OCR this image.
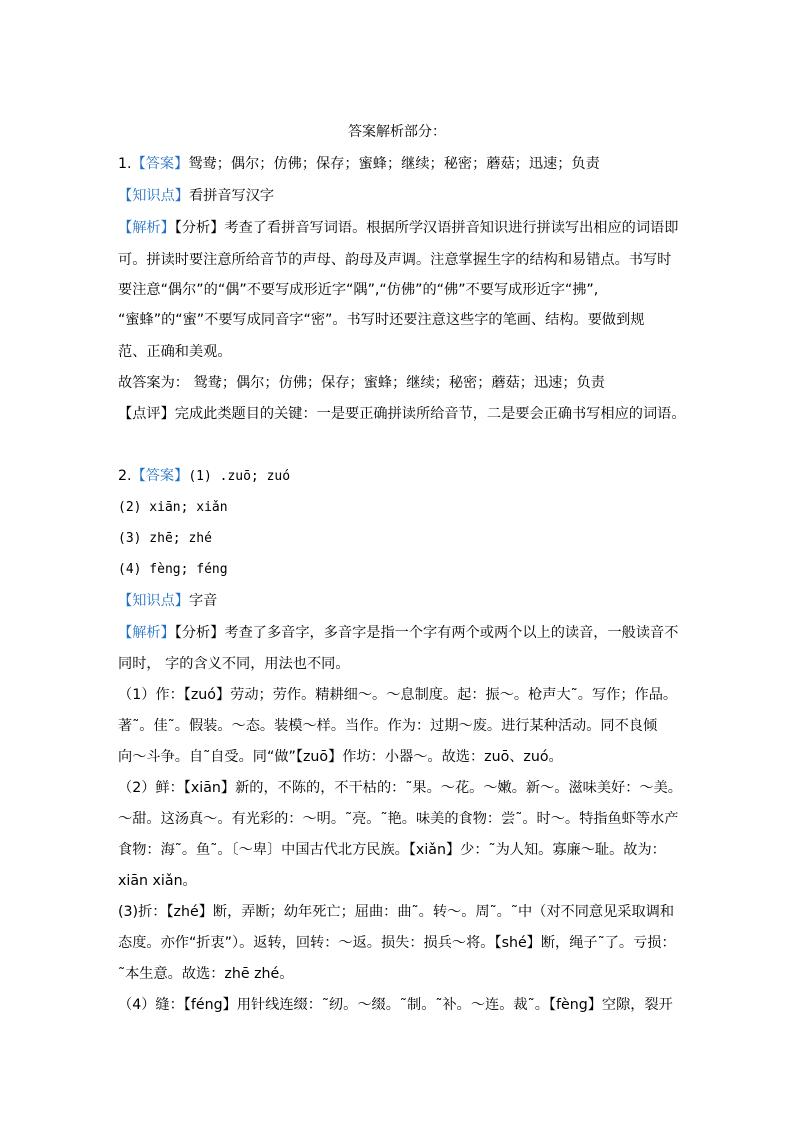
答案解析部分：
1.【答案】鸳鸯；偶尔；仿佛；保存；蜜蜂；继续；秘密；蘑菇；迅速；负责
【知识点】看拼音写汉字
【解析】【分析】考查了看拼音写词语。根据所学汉语拼音知识进行拼读写出相应的词语即
可。拼读时要注意所给音节的声母、韵母及声调。注意掌握生字的结构和易错点。书写时
要注意“偶尔”的“偶”不要写成形近字“隅”,“仿佛”的“佛”不要写成形近字“拂”,
“蜜蜂”的“蜜”不要写成同音字“密”。书写时还要注意这些字的笔画、结构。要做到规
范、正确和美观。
故答案为： 鸳鸯；偶尔；仿佛；保存；蜜蜂；继续；秘密；蘑菇；迅速；负责
【点评】完成此类题目的关键：一是要正确拼读所给音节，二是要会正确书写相应的词语。
2.【答案】(1) .zuō; zuó
(2) xiān; xiǎn
(3) zhē; zhé
(4) fèng; féng
【知识点】字音
【解析】【分析】考查了多音字，多音字是指一个字有两个或两个以上的读音，一般读音不
同时， 字的含义不同，用法也不同。
（1）作：【zuó】劳动；劳作。精耕细～。～息制度。起：振～。枪声大˜。写作；作品。
著˜。佳˜。假装。～态。装模～样。当作。作为：过期～废。进行某种活动。同不良倾
向～斗争。自˜自受。同“做”【zuō】作坊：小器～。故选：zuō、zuó。
（2）鲜：【xiān】新的，不陈的，不干枯的：˜果。～花。～嫩。新～。滋味美好：～美。
～甜。这汤真～。有光彩的：～明。˜亮。˜艳。味美的食物：尝˜。时～。特指鱼虾等水产
食物：海˜。鱼˜。〔～卑〕中国古代北方民族。【xiǎn】少：˜为人知。寡廉～耻。故为：
xiān xiǎn。
(3)折：【zhé】断，弄断；幼年死亡；屈曲：曲˜。转～。周˜。˜中（对不同意见采取调和
态度。亦作“折衷”）。返转，回转：～返。损失：损兵～将。【shé】断，绳子˜了。亏损：
˜本生意。故选：zhē zhé。
（4）缝：【féng】用针线连缀：˜纫。～缀。˜制。˜补。～连。裁˜。【fèng】空隙，裂开
